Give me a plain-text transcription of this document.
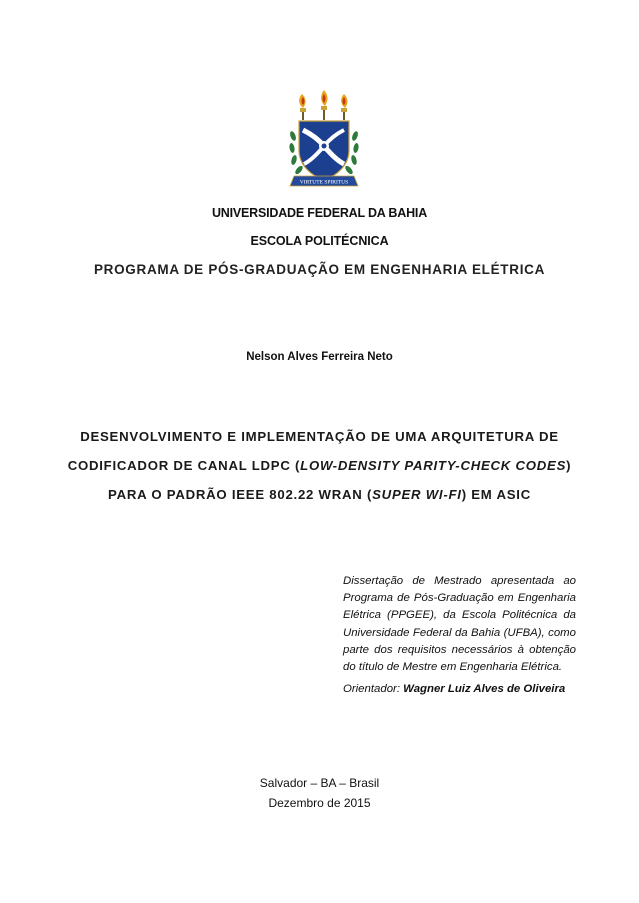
VIRTUTE SPIRITUS
UNIVERSIDADE FEDERAL DA BAHIA
ESCOLA POLITÉCNICA
PROGRAMA DE PÓS-GRADUAÇÃO EM ENGENHARIA ELÉTRICA
Nelson Alves Ferreira Neto
DESENVOLVIMENTO E IMPLEMENTAÇÃO DE UMA ARQUITETURA DE
CODIFICADOR DE CANAL LDPC (LOW-DENSITY PARITY-CHECK CODES)
PARA O PADRÃO IEEE 802.22 WRAN (SUPER WI-FI) EM ASIC

Dissertação de Mestrado apresentada ao Programa de Pós-Graduação em Engenharia Elétrica (PPGEE), da Escola Politécnica da Universidade Federal da Bahia (UFBA), como parte dos requisitos necessários à obtenção do título de Mestre em Engenharia Elétrica.

Orientador: Wagner Luiz Alves de Oliveira
Salvador – BA – Brasil
Dezembro de 2015
